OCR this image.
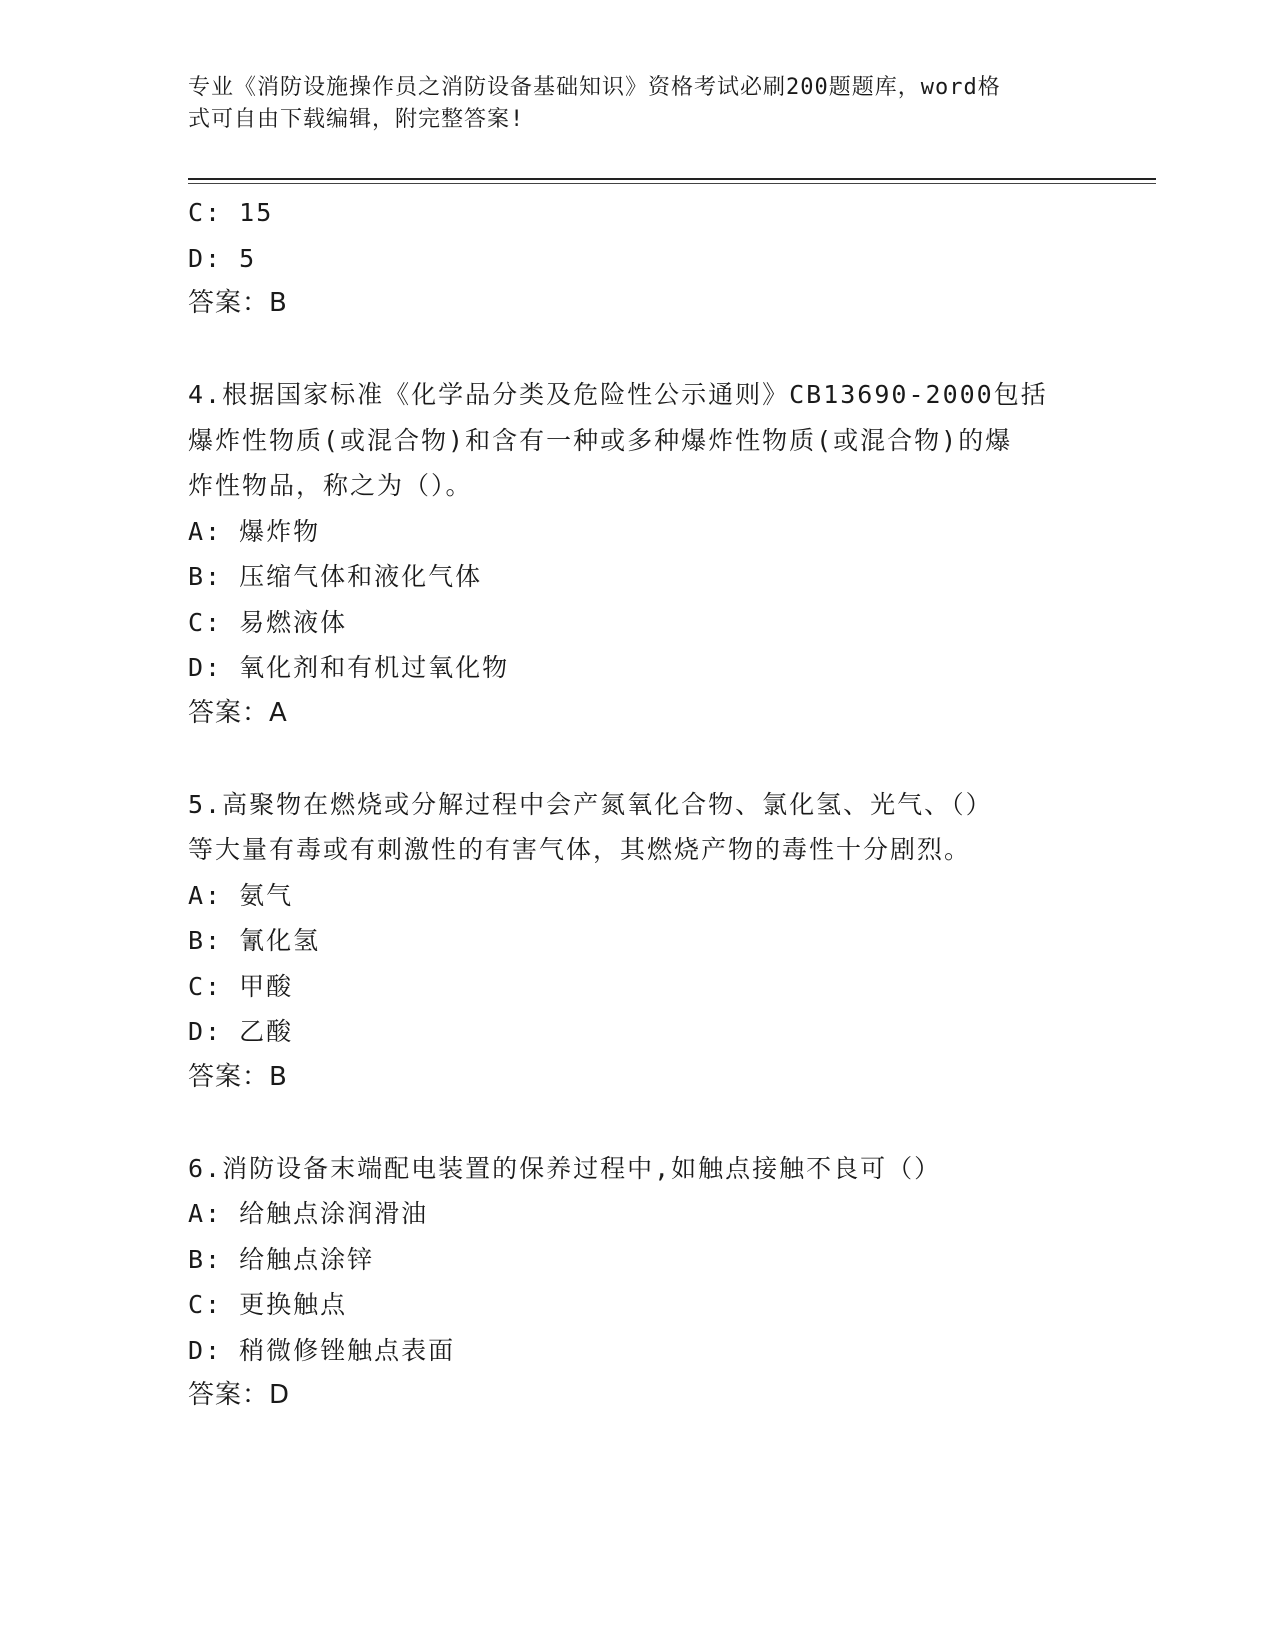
专业《消防设施操作员之消防设备基础知识》资格考试必刷200题题库，word格
式可自由下载编辑，附完整答案!
C: 15
D: 5
答案：B
4.根据国家标准《化学品分类及危险性公示通则》CB13690-2000包括
爆炸性物质(或混合物)和含有一种或多种爆炸性物质(或混合物)的爆
炸性物品，称之为（）。
A: 爆炸物
B: 压缩气体和液化气体
C: 易燃液体
D: 氧化剂和有机过氧化物
答案：A
5.高聚物在燃烧或分解过程中会产氮氧化合物、氯化氢、光气、（）
等大量有毒或有刺激性的有害气体，其燃烧产物的毒性十分剧烈。
A: 氨气
B: 氰化氢
C: 甲酸
D: 乙酸
答案：B
6.消防设备末端配电装置的保养过程中,如触点接触不良可（）
A: 给触点涂润滑油
B: 给触点涂锌
C: 更换触点
D: 稍微修锉触点表面
答案：D
